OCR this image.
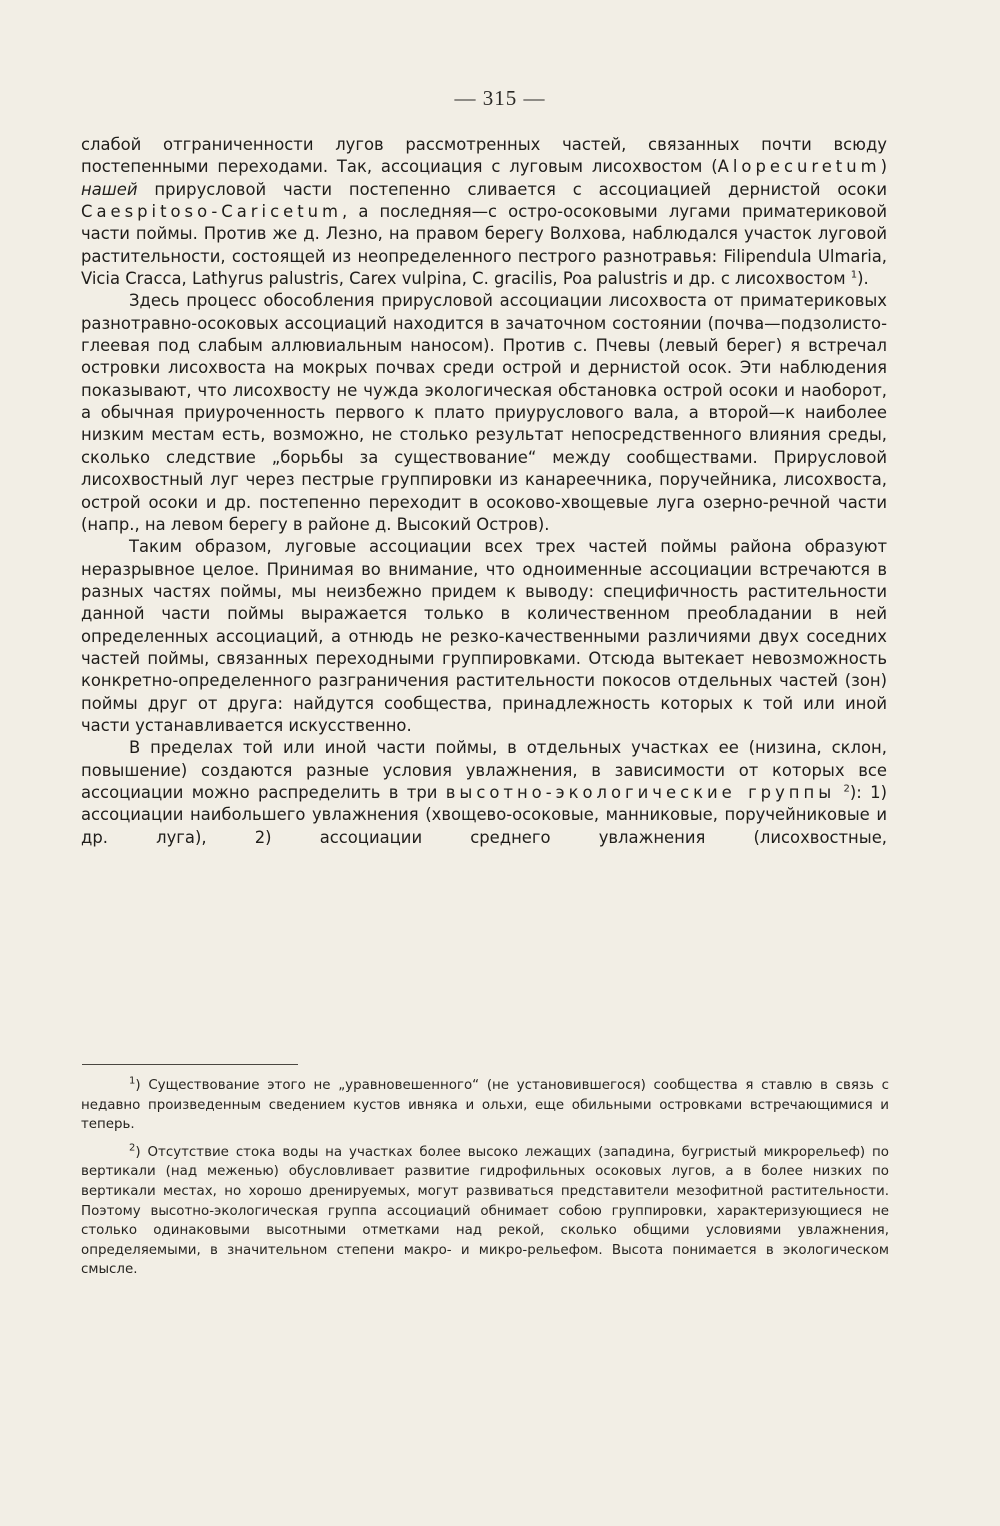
— 315 —

слабой отграниченности лугов рассмотренных частей, связанных почти всюду постепенными переходами. Так, ассоциация с луговым лисохвостом (Alopecuretum) нашей прирусловой части постепенно сливается с ассоциацией дернистой осоки Caespitoso-Caricetum, а последняя—с остро-осоковыми лугами приматериковой части поймы. Против же д. Лезно, на правом берегу Волхова, наблюдался участок луговой растительности, состоящей из неопределенного пестрого разнотравья: Filipendula Ulmaria, Vicia Cracca, Lathyrus palustris, Carex vulpina, C. gracilis, Poa palustris и др. с лисохвостом $^1$).

Здесь процесс обособления прирусловой ассоциации лисохвоста от приматериковых разнотравно-осоковых ассоциаций находится в зачаточном состоянии (почва—подзолисто-глеевая под слабым аллювиальным наносом). Против с. Пчевы (левый берег) я встречал островки лисохвоста на мокрых почвах среди острой и дернистой осок. Эти наблюдения показывают, что лисохвосту не чужда экологическая обстановка острой осоки и наоборот, а обычная приуроченность первого к плато приуруслового вала, а второй—к наиболее низким местам есть, возможно, не столько результат непосредственного влияния среды, сколько следствие „борьбы за существование“ между сообществами. Прирусловой лисохвостный луг через пестрые группировки из канареечника, поручейника, лисохвоста, острой осоки и др. постепенно переходит в осоково-хвощевые луга озерно-речной части (напр., на левом берегу в районе д. Высокий Остров).

Таким образом, луговые ассоциации всех трех частей поймы района образуют неразрывное целое. Принимая во внимание, что одноименные ассоциации встречаются в разных частях поймы, мы неизбежно придем к выводу: специфичность растительности данной части поймы выражается только в количественном преобладании в ней определенных ассоциаций, а отнюдь не резко-качественными различиями двух соседних частей поймы, связанных переходными группировками. Отсюда вытекает невозможность конкретно-определенного разграничения растительности покосов отдельных частей (зон) поймы друг от друга: найдутся сообщества, принадлежность которых к той или иной части устанавливается искусственно.

В пределах той или иной части поймы, в отдельных участках ее (низина, склон, повышение) создаются разные условия увлажнения, в зависимости от которых все ассоциации можно распределить в три высотно-экологические группы $^2$): 1) ассоциации наибольшего увлажнения (хвощево-осоковые, манниковые, поручейниковые и др. луга), 2) ассоциации среднего увлажнения (лисохвостные,

$^1$) Существование этого не „уравновешенного“ (не установившегося) сообщества я ставлю в связь с недавно произведенным сведением кустов ивняка и ольхи, еще обильными островками встречающимися и теперь.

$^2$) Отсутствие стока воды на участках более высоко лежащих (западина, бугристый микрорельеф) по вертикали (над меженью) обусловливает развитие гидрофильных осоковых лугов, а в более низких по вертикали местах, но хорошо дренируемых, могут развиваться представители мезофитной растительности. Поэтому высотно-экологическая группа ассоциаций обнимает собою группировки, характеризующиеся не столько одинаковыми высотными отметками над рекой, сколько общими условиями увлажнения, определяемыми, в значительном степени макро- и микро-рельефом. Высота понимается в экологическом смысле.
